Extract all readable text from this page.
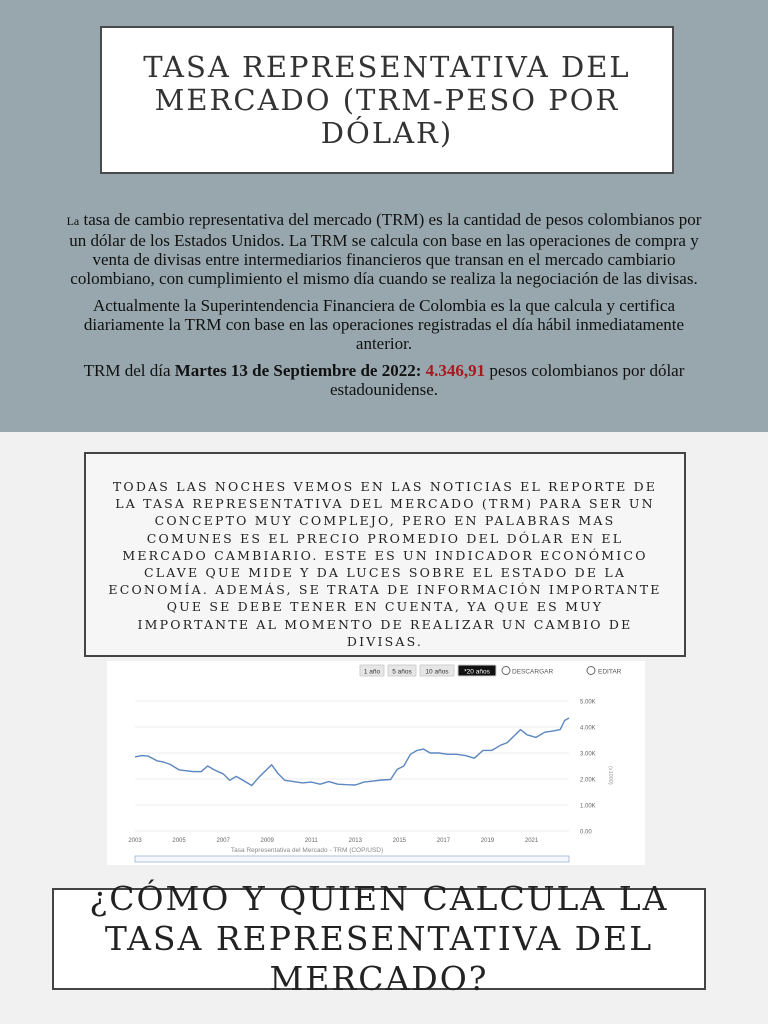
TASA REPRESENTATIVA DEL MERCADO (TRM-PESO POR DÓLAR)

La tasa de cambio representativa del mercado (TRM) es la cantidad de pesos colombianos por un dólar de los Estados Unidos. La TRM se calcula con base en las operaciones de compra y venta de divisas entre intermediarios financieros que transan en el mercado cambiario colombiano, con cumplimiento el mismo día cuando se realiza la negociación de las divisas.

Actualmente la Superintendencia Financiera de Colombia es la que calcula y certifica diariamente la TRM con base en las operaciones registradas el día hábil inmediatamente anterior.

TRM del día Martes 13 de Septiembre de 2022: 4.346,91 pesos colombianos por dólar estadounidense.

TODAS LAS NOCHES VEMOS EN LAS NOTICIAS EL REPORTE DE LA TASA REPRESENTATIVA DEL MERCADO (TRM) PARA SER UN CONCEPTO MUY COMPLEJO, PERO EN PALABRAS MAS COMUNES ES EL PRECIO PROMEDIO DEL DÓLAR EN EL MERCADO CAMBIARIO. ESTE ES UN INDICADOR ECONÓMICO CLAVE QUE MIDE Y DA LUCES SOBRE EL ESTADO DE LA ECONOMÍA. ADEMÁS, SE TRATA DE INFORMACIÓN IMPORTANTE QUE SE DEBE TENER EN CUENTA, YA QUE ES MUY IMPORTANTE AL MOMENTO DE REALIZAR UN CAMBIO DE DIVISAS.

1 año 5 años 10 años *20 años	DESCARGAR	EDITAR
0.00
1.00K
2.00K
3.00K
4.00K
5.00K
(x1000)
2003	2005	2007	2009	2011	2013	2015	2017	2019	2021
Tasa Representativa del Mercado - TRM (COP/USD)
¿CÓMO Y QUIEN CALCULA LA TASA REPRESENTATIVA DEL MERCADO?
